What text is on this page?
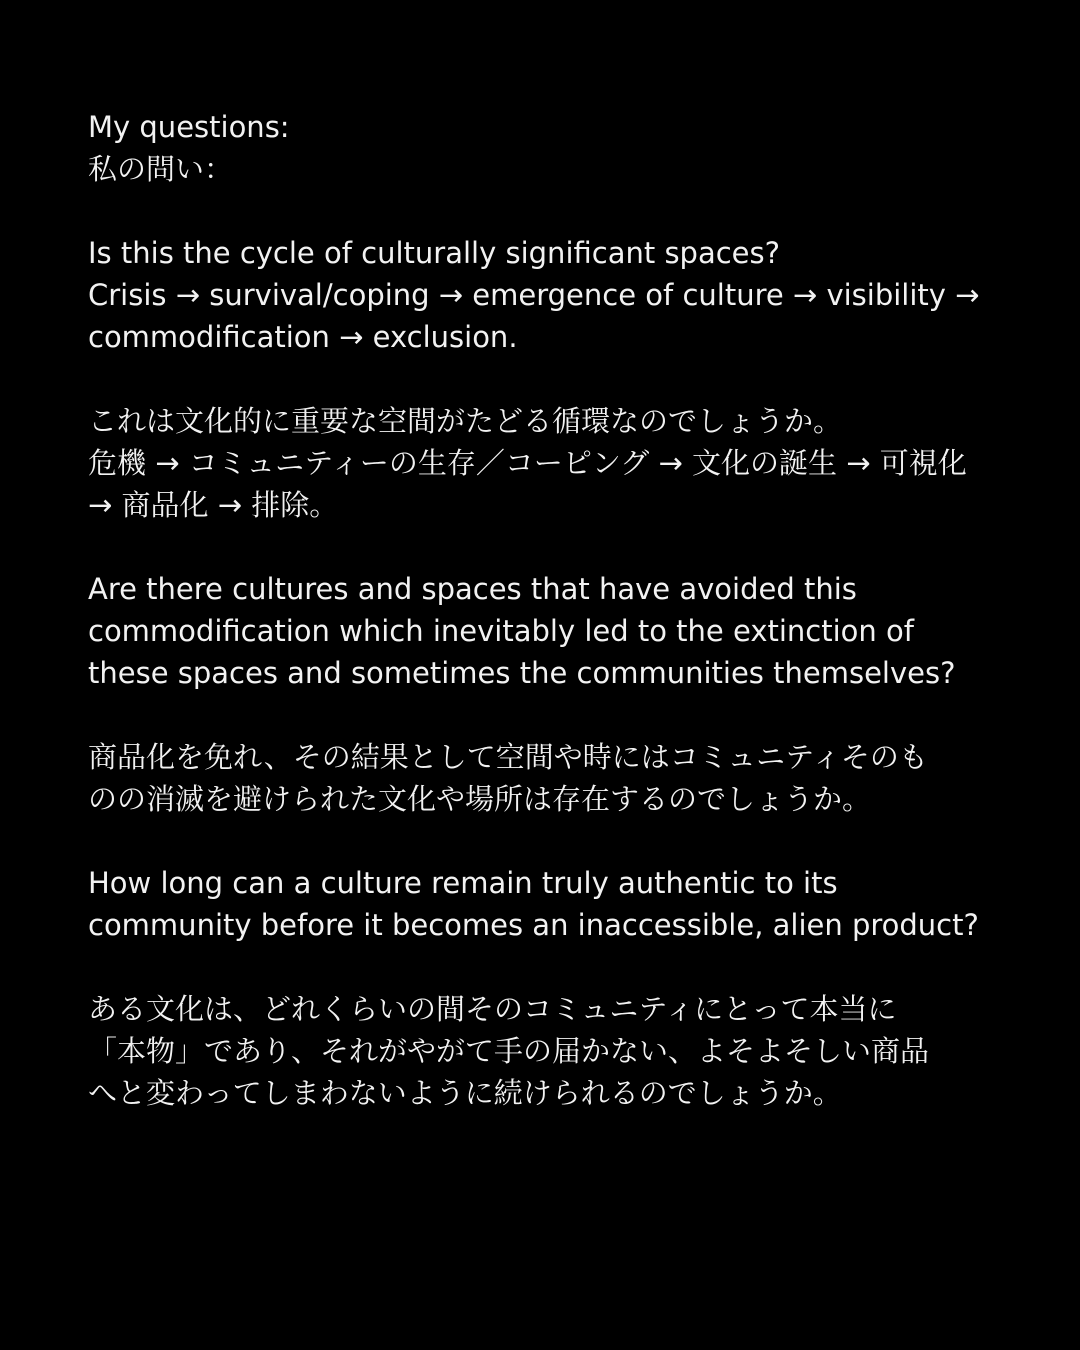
My questions:
私の問い：
Is this the cycle of culturally significant spaces?
Crisis → survival/coping → emergence of culture → visibility →
commodification → exclusion.
これは文化的に重要な空間がたどる循環なのでしょうか。
危機 → コミュニティーの生存／コーピング → 文化の誕生 → 可視化
→ 商品化 → 排除。
Are there cultures and spaces that have avoided this
commodification which inevitably led to the extinction of
these spaces and sometimes the communities themselves?
商品化を免れ、その結果として空間や時にはコミュニティそのも
のの消滅を避けられた文化や場所は存在するのでしょうか。
How long can a culture remain truly authentic to its
community before it becomes an inaccessible, alien product?
ある文化は、どれくらいの間そのコミュニティにとって本当に
「本物」であり、それがやがて手の届かない、よそよそしい商品
へと変わってしまわないように続けられるのでしょうか。
